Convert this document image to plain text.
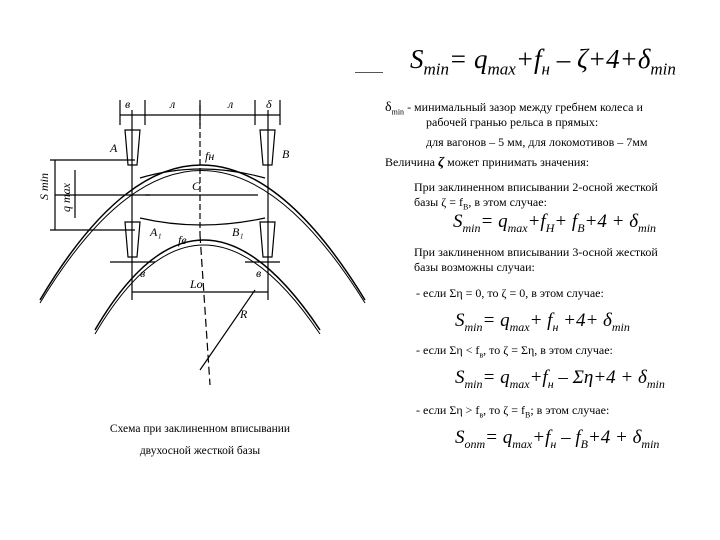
$S_{min}= q_{max}+f_н - \zeta+4+\delta_{min}$
$\delta_{min}$ - минимальный зазор между гребнем колеса и
рабочей гранью рельса в прямых:
для вагонов – 5 мм, для локомотивов – 7мм
Величина ζ может принимать значения:
При заклиненном вписывании 2-осной жесткой
базы $\zeta = f_В$, в этом случае:
$S_{min}= q_{max}+f_H+ f_B+4 + \delta_{min}$
При заклиненном вписывании 3-осной жесткой
базы возможны случаи:
- если Ση = 0, то ζ = 0, в этом случае:
$S_{min}= q_{max}+ f_н +4+ \delta_{min}$
- если $\Sigma\eta < f_в$, то ζ = Ση, в этом случае:
$S_{min}= q_{max}+f_н - \Sigma\eta+4 + \delta_{min}$
- если $\Sigma\eta > f_в$, то $\zeta = f_B$; в этом случае:
$S_{опт}= q_{max}+f_н - f_B+4 + \delta_{min}$
Схема при заклиненном вписывании
двухосной жесткой базы
в	л	л	δ
А
fн	В
С
А₁
fв
В₁
в	в
Lо
R
S min q max
